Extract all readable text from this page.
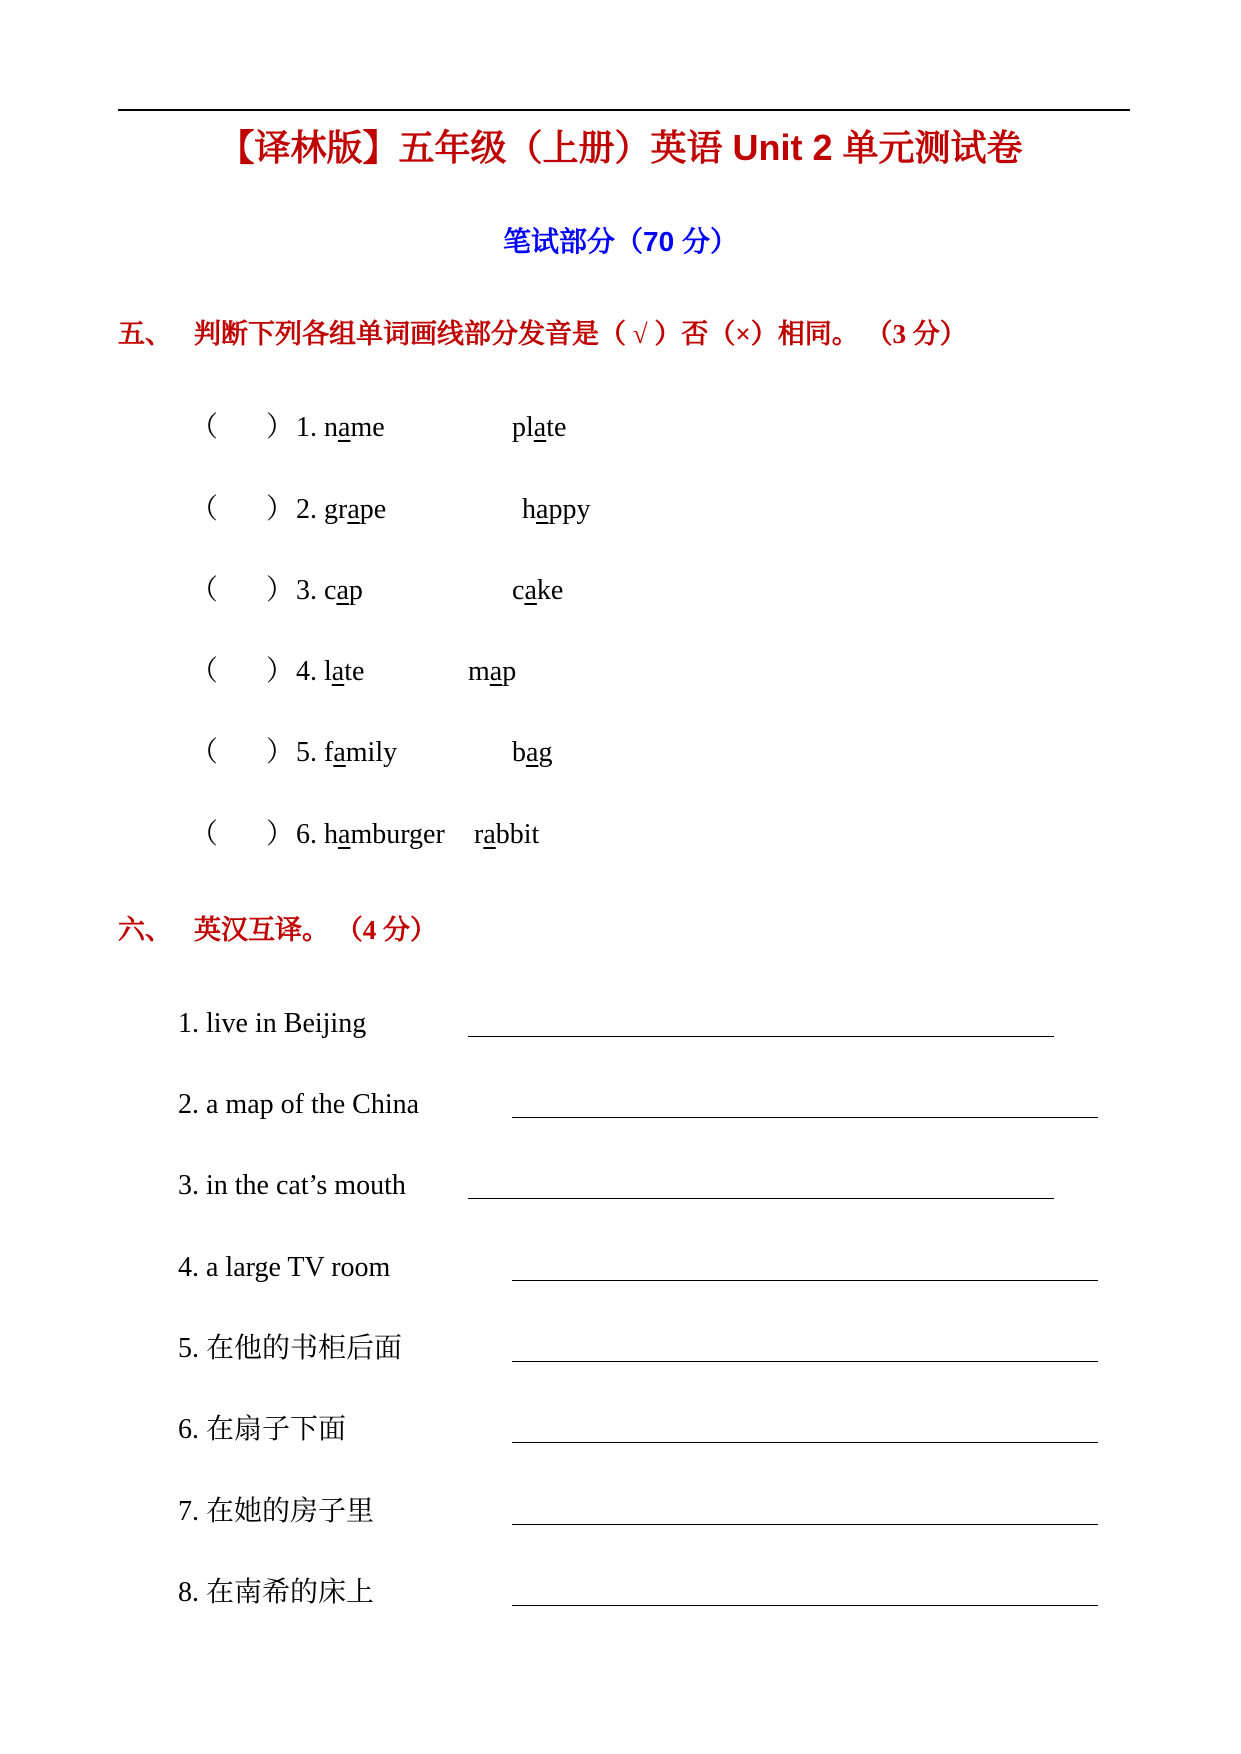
【译林版】五年级（上册）英语 Unit 2 单元测试卷
笔试部分（70 分）
五、 判断下列各组单词画线部分发音是（ √ ）否（×）相同。 （3 分）
（ ） 1. name	plate
（ ） 2. grape	happy
（ ） 3. cap	cake
（ ） 4. late	map
（ ） 5. family	bag
（ ） 6. hamburger rabbit
六、 英汉互译。 （4 分）
1. live in Beijing
2. a map of the China
3. in the cat’s mouth
4. a large TV room
5. 在他的书柜后面
6. 在扇子下面
7. 在她的房子里
8. 在南希的床上
